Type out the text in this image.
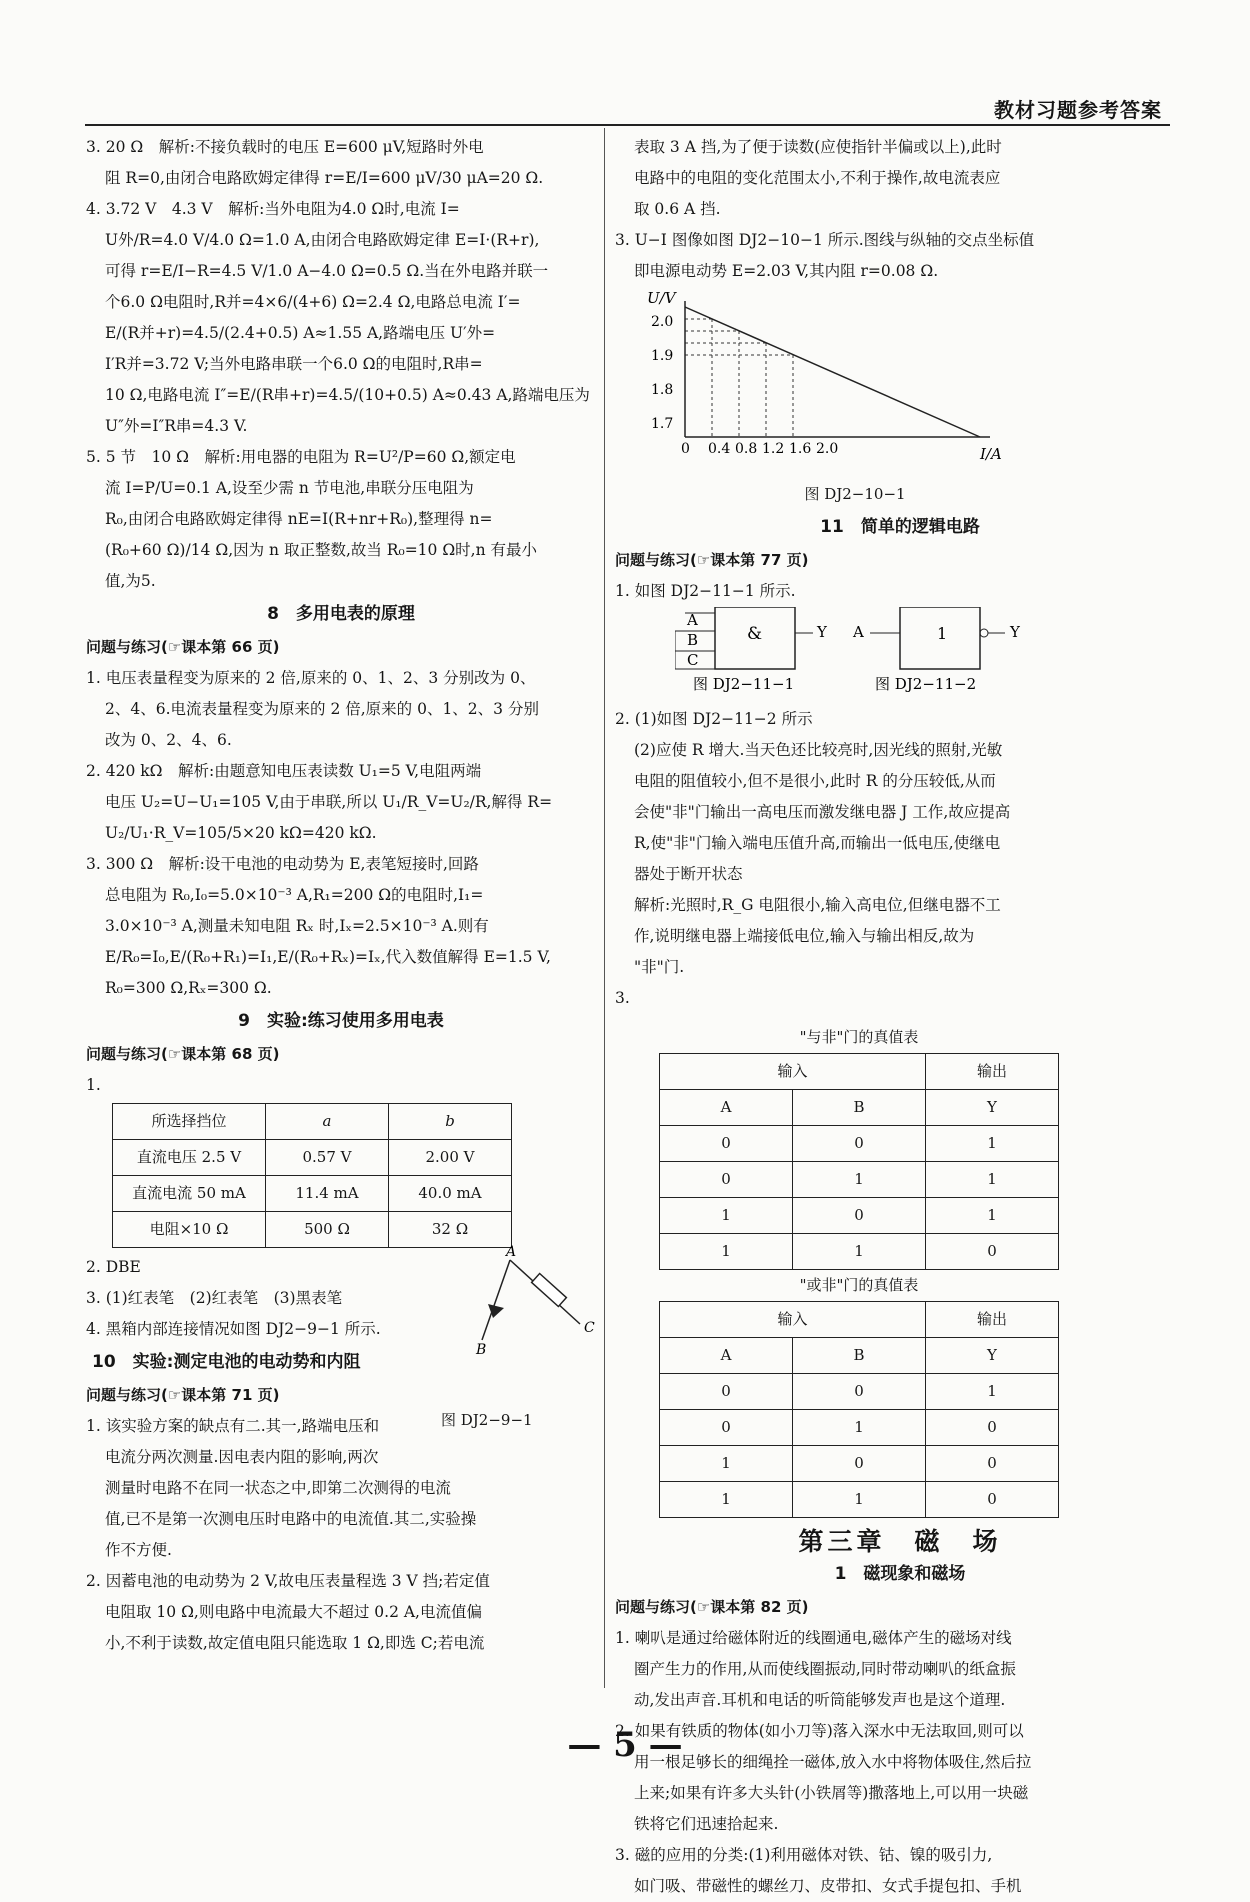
教材习题参考答案
3. 20 Ω　解析:不接负载时的电压 E=600 μV,短路时外电
阻 R=0,由闭合电路欧姆定律得 r=E/I=600 μV/30 μA=20 Ω.
4. 3.72 V　4.3 V　解析:当外电阻为4.0 Ω时,电流 I=
U外/R=4.0 V/4.0 Ω=1.0 A,由闭合电路欧姆定律 E=I·(R+r),
可得 r=E/I−R=4.5 V/1.0 A−4.0 Ω=0.5 Ω.当在外电路并联一
个6.0 Ω电阻时,R并=4×6/(4+6) Ω=2.4 Ω,电路总电流 I′=
E/(R并+r)=4.5/(2.4+0.5) A≈1.55 A,路端电压 U′外=
I′R并=3.72 V;当外电路串联一个6.0 Ω的电阻时,R串=
10 Ω,电路电流 I″=E/(R串+r)=4.5/(10+0.5) A≈0.43 A,路端电压为
U″外=I″R串=4.3 V.
5. 5 节　10 Ω　解析:用电器的电阻为 R=U²/P=60 Ω,额定电
流 I=P/U=0.1 A,设至少需 n 节电池,串联分压电阻为
R₀,由闭合电路欧姆定律得 nE=I(R+nr+R₀),整理得 n=
(R₀+60 Ω)/14 Ω,因为 n 取正整数,故当 R₀=10 Ω时,n 有最小
值,为5.
8　多用电表的原理
问题与练习(☞课本第 66 页)
1. 电压表量程变为原来的 2 倍,原来的 0、1、2、3 分别改为 0、
2、4、6.电流表量程变为原来的 2 倍,原来的 0、1、2、3 分别
改为 0、2、4、6.
2. 420 kΩ　解析:由题意知电压表读数 U₁=5 V,电阻两端
电压 U₂=U−U₁=105 V,由于串联,所以 U₁/R_V=U₂/R,解得 R=
U₂/U₁·R_V=105/5×20 kΩ=420 kΩ.
3. 300 Ω　解析:设干电池的电动势为 E,表笔短接时,回路
总电阻为 R₀,I₀=5.0×10⁻³ A,R₁=200 Ω的电阻时,I₁=
3.0×10⁻³ A,测量未知电阻 Rₓ 时,Iₓ=2.5×10⁻³ A.则有
E/R₀=I₀,E/(R₀+R₁)=I₁,E/(R₀+Rₓ)=Iₓ,代入数值解得 E=1.5 V,
R₀=300 Ω,Rₓ=300 Ω.
9　实验:练习使用多用电表
问题与练习(☞课本第 68 页)
1.
所选择挡位	a	b
直流电压 2.5 V	0.57 V	2.00 V
直流电流 50 mA	11.4 mA	40.0 mA
电阻×10 Ω	500 Ω	32 Ω
2. DBE
3. (1)红表笔　(2)红表笔　(3)黑表笔
4. 黑箱内部连接情况如图 DJ2−9−1 所示.
A
B
C
10　实验:测定电池的电动势和内阻
问题与练习(☞课本第 71 页)
1. 该实验方案的缺点有二.其一,路端电压和
电流分两次测量.因电表内阻的影响,两次
测量时电路不在同一状态之中,即第二次测得的电流
值,已不是第一次测电压时电路中的电流值.其二,实验操
作不方便.
2. 因蓄电池的电动势为 2 V,故电压表量程选 3 V 挡;若定值
电阻取 10 Ω,则电路中电流最大不超过 0.2 A,电流值偏
小,不利于读数,故定值电阻只能选取 1 Ω,即选 C;若电流
图 DJ2−9−1
表取 3 A 挡,为了便于读数(应使指针半偏或以上),此时
电路中的电阻的变化范围太小,不利于操作,故电流表应
取 0.6 A 挡.
3. U−I 图像如图 DJ2−10−1 所示.图线与纵轴的交点坐标值
即电源电动势 E=2.03 V,其内阻 r=0.08 Ω.
U/V
I/A
2.0
1.9
1.8
1.7
0 0.4 0.8 1.2 1.6 2.0
图 DJ2−10−1
11　简单的逻辑电路
问题与练习(☞课本第 77 页)
1. 如图 DJ2−11−1 所示.
A
B
C
&	Y A	1	Y
图 DJ2−11−1	图 DJ2−11−2
2. (1)如图 DJ2−11−2 所示
(2)应使 R 增大.当天色还比较亮时,因光线的照射,光敏
电阻的阻值较小,但不是很小,此时 R 的分压较低,从而
会使"非"门输出一高电压而激发继电器 J 工作,故应提高
R,使"非"门输入端电压值升高,而输出一低电压,使继电
器处于断开状态
解析:光照时,R_G 电阻很小,输入高电位,但继电器不工
作,说明继电器上端接低电位,输入与输出相反,故为
"非"门.
3.
"与非"门的真值表
输入		输出
A	B	Y
0	0	1
0	1	1
1	0	1
1	1	0
"或非"门的真值表
输入		输出
A	B	Y
0	0	1
0	1	0
1	0	0
1	1	0
第三章　磁　场
1　磁现象和磁场
问题与练习(☞课本第 82 页)
1. 喇叭是通过给磁体附近的线圈通电,磁体产生的磁场对线
圈产生力的作用,从而使线圈振动,同时带动喇叭的纸盒振
动,发出声音.耳机和电话的听筒能够发声也是这个道理.
2. 如果有铁质的物体(如小刀等)落入深水中无法取回,则可以
用一根足够长的细绳拴一磁体,放入水中将物体吸住,然后拉
上来;如果有许多大头针(小铁屑等)撒落地上,可以用一块磁
铁将它们迅速拾起来.
3. 磁的应用的分类:(1)利用磁体对铁、钴、镍的吸引力,
如门吸、带磁性的螺丝刀、皮带扣、女式手提包扣、手机
— 5 —
